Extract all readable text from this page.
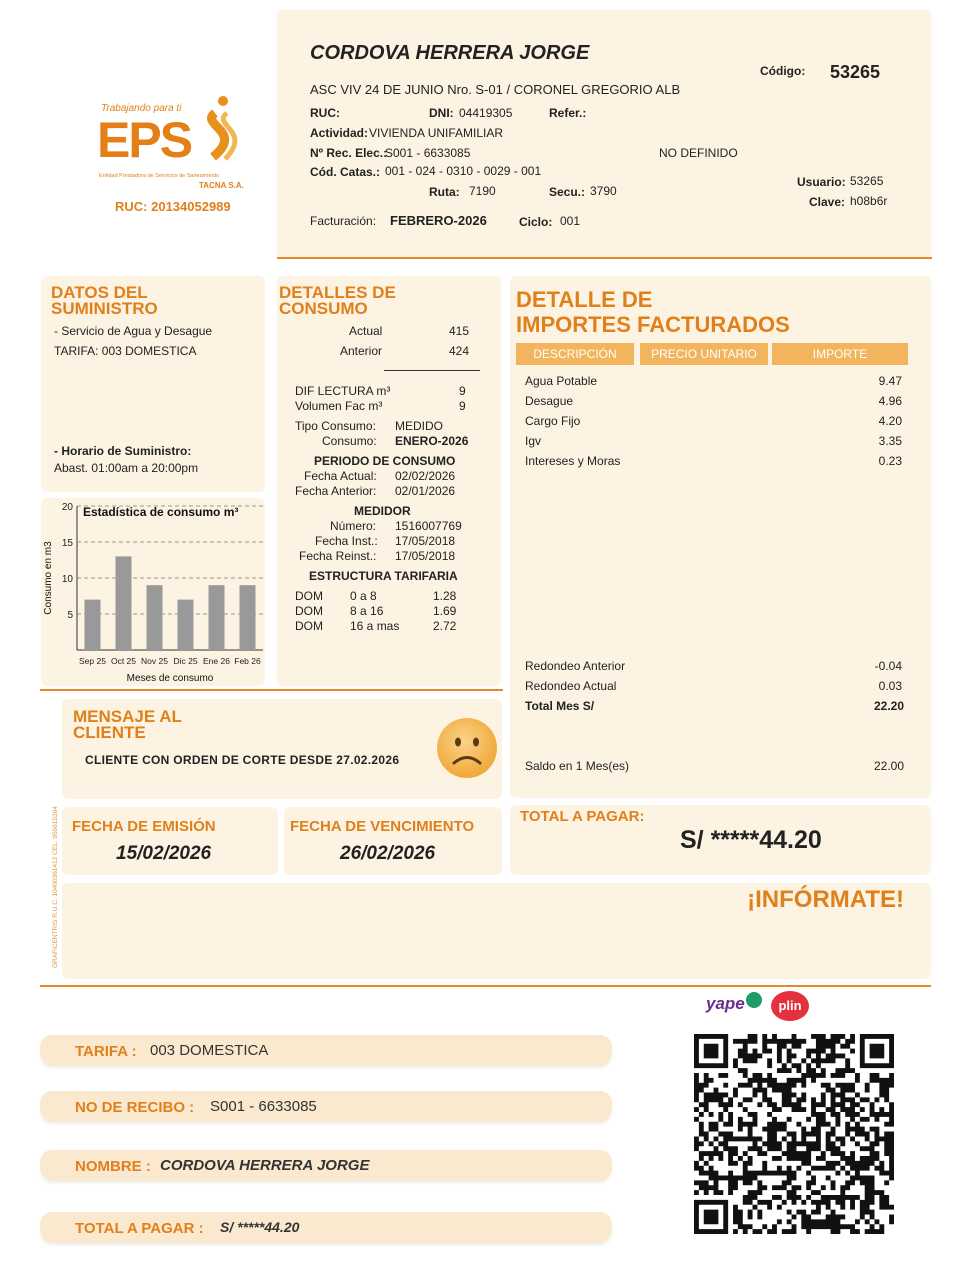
CORDOVA HERRERA JORGE
ASC VIV 24 DE JUNIO Nro. S-01 / CORONEL GREGORIO ALB
RUC:	DNI: 04419305	Refer.:
Actividad: VIVIENDA UNIFAMILIAR
Nº Rec. Elec.:
S001 - 6633085	NO DEFINIDO
Cód. Catas.: 001 - 024 - 0310 - 0029 - 001
Ruta: 7190	Secu.: 3790
Facturación: FEBRERO-2026	Ciclo: 001
Código: 53265
Usuario: 53265
Clave: h08b6r
Trabajando para ti
EPS
Entidad Prestadora de Servicios de Saneamiento
TACNA S.A.
RUC: 20134052989
DATOS DEL
SUMINISTRO
- Servicio de Agua y Desague
TARIFA: 003 DOMESTICA
- Horario de Suministro:
Abast. 01:00am a 20:00pm
20
15
10
5
Sep 25 Oct 25 Nov 25 Dic 25 Ene 26 Feb 26
Estadística de consumo m³
Meses de consumo
Consumo en m3
DETALLES DE
CONSUMO
Actual	415
Anterior	424
DIF LECTURA m³	9
Volumen Fac m³	9
Tipo Consumo: MEDIDO
Consumo: ENERO-2026
PERIODO DE CONSUMO
Fecha Actual: 02/02/2026
Fecha Anterior: 02/01/2026
MEDIDOR
Número: 1516007769
Fecha Inst.: 17/05/2018
Fecha Reinst.: 17/05/2018
ESTRUCTURA TARIFARIA
DOM 0 a 8	1.28
DOM 8 a 16	1.69
DOM 16 a mas	2.72
DETALLE DE
IMPORTES FACTURADOS
DESCRIPCIÓN	PRECIO UNITARIO	IMPORTE
Agua Potable	9.47
Desague	4.96
Cargo Fijo	4.20
Igv	3.35
Intereses y Moras	0.23
Redondeo Anterior	-0.04
Redondeo Actual	0.03
Total Mes S/	22.20
Saldo en 1 Mes(es)	22.00
MENSAJE AL
CLIENTE
CLIENTE CON ORDEN DE CORTE DESDE 27.02.2026
FECHA DE EMISIÓN
15/02/2026
FECHA DE VENCIMIENTO
26/02/2026
TOTAL A PAGAR:
S/ *****44.20
¡INFÓRMATE!
GRAFICENTRIS R.U.C. 10400361412 CEL. 956615364
TARIFA : 003 DOMESTICA
NO DE RECIBO : S001 - 6633085
NOMBRE : CORDOVA HERRERA JORGE
TOTAL A PAGAR : S/ *****44.20
yape	plin
